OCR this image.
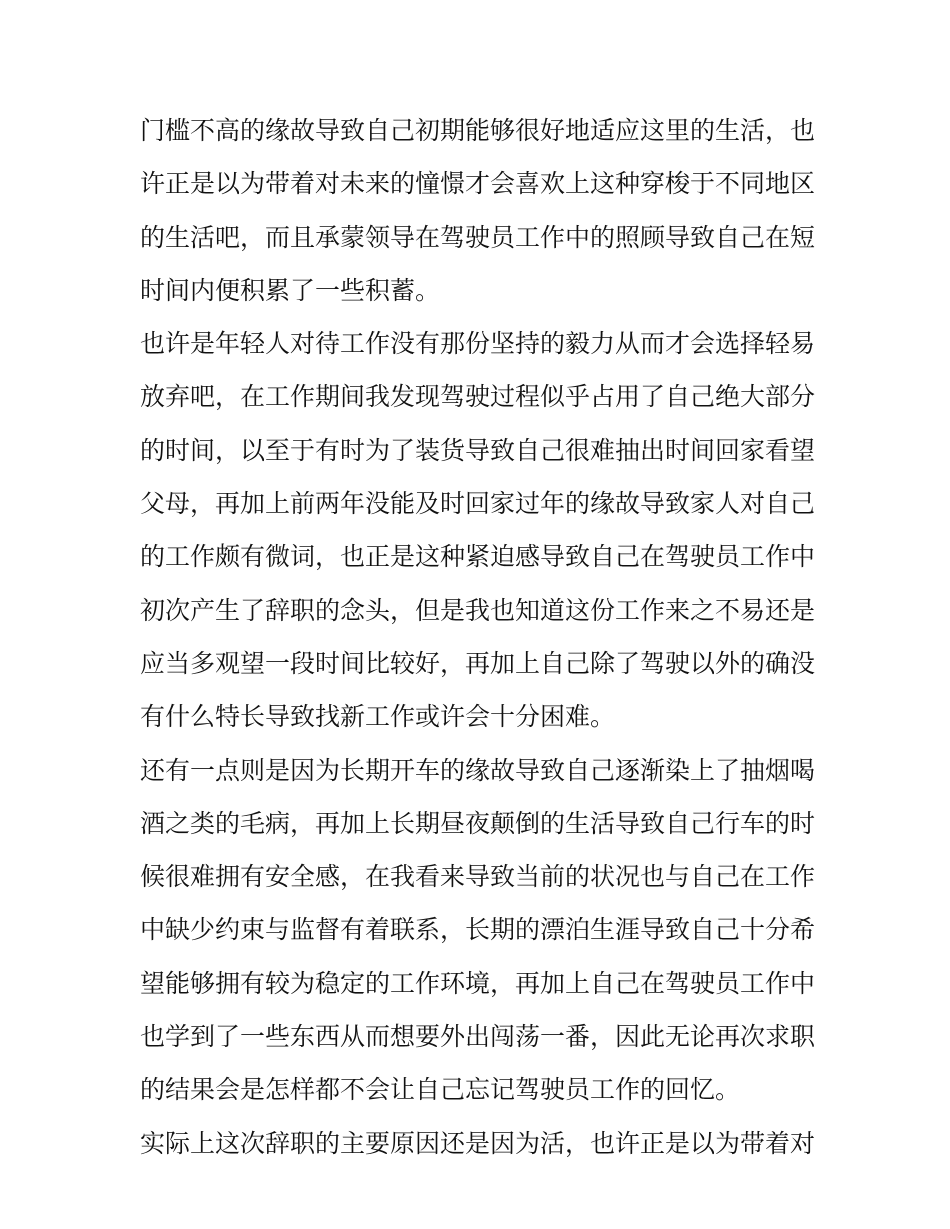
门槛不高的缘故导致自己初期能够很好地适应这里的生活，也
许正是以为带着对未来的憧憬才会喜欢上这种穿梭于不同地区
的生活吧，而且承蒙领导在驾驶员工作中的照顾导致自己在短
时间内便积累了一些积蓄。
也许是年轻人对待工作没有那份坚持的毅力从而才会选择轻易
放弃吧，在工作期间我发现驾驶过程似乎占用了自己绝大部分
的时间，以至于有时为了装货导致自己很难抽出时间回家看望
父母，再加上前两年没能及时回家过年的缘故导致家人对自己
的工作颇有微词，也正是这种紧迫感导致自己在驾驶员工作中
初次产生了辞职的念头，但是我也知道这份工作来之不易还是
应当多观望一段时间比较好，再加上自己除了驾驶以外的确没
有什么特长导致找新工作或许会十分困难。
还有一点则是因为长期开车的缘故导致自己逐渐染上了抽烟喝
酒之类的毛病，再加上长期昼夜颠倒的生活导致自己行车的时
候很难拥有安全感，在我看来导致当前的状况也与自己在工作
中缺少约束与监督有着联系，长期的漂泊生涯导致自己十分希
望能够拥有较为稳定的工作环境，再加上自己在驾驶员工作中
也学到了一些东西从而想要外出闯荡一番，因此无论再次求职
的结果会是怎样都不会让自己忘记驾驶员工作的回忆。
实际上这次辞职的主要原因还是因为活，也许正是以为带着对
